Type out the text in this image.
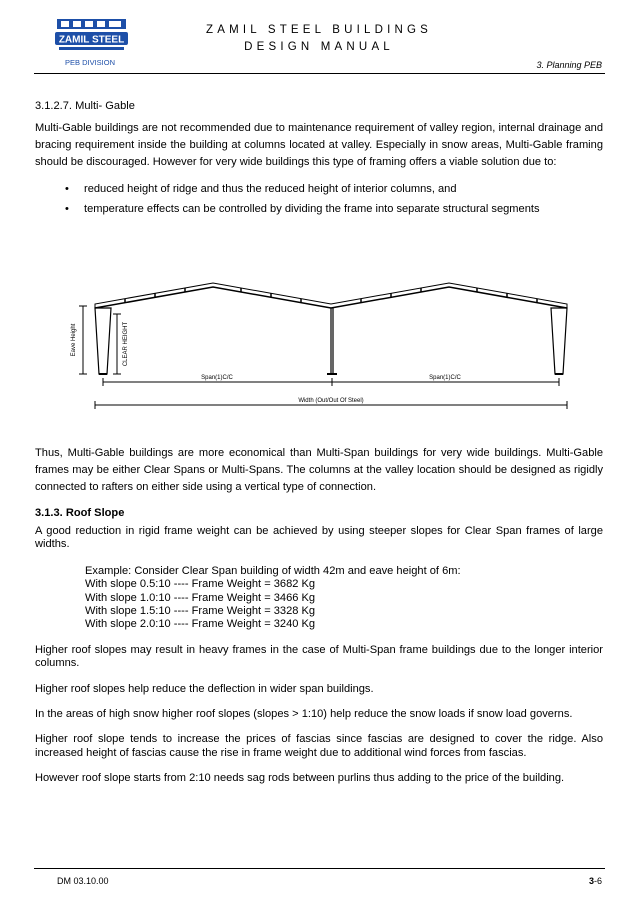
ZAMIL STEEL
PEB DIVISION
ZAMIL STEEL BUILDINGS
DESIGN MANUAL
3. Planning PEB
3.1.2.7. Multi- Gable

Multi-Gable buildings are not recommended due to maintenance requirement of valley region, internal drainage and bracing requirement inside the building at columns located at valley. Especially in snow areas, Multi-Gable framing should be discouraged. However for very wide buildings this type of framing offers a viable solution due to:

• reduced height of ridge and thus the reduced height of interior columns, and
• temperature effects can be controlled by dividing the frame into separate structural segments
Eave Height	CLEAR HEIGHT
Span(1)C/C	Span(1)C/C
Width (Out/Out Of Steel)

Thus, Multi-Gable buildings are more economical than Multi-Span buildings for very wide buildings. Multi-Gable frames may be either Clear Spans or Multi-Spans. The columns at the valley location should be designed as rigidly connected to rafters on either side using a vertical type of connection.

3.1.3. Roof Slope

A good reduction in rigid frame weight can be achieved by using steeper slopes for Clear Span frames of large widths.

Example: Consider Clear Span building of width 42m and eave height of 6m:
With slope 0.5:10 ---- Frame Weight = 3682 Kg
With slope 1.0:10 ---- Frame Weight = 3466 Kg
With slope 1.5:10 ---- Frame Weight = 3328 Kg
With slope 2.0:10 ---- Frame Weight = 3240 Kg

Higher roof slopes may result in heavy frames in the case of Multi-Span frame buildings due to the longer interior columns.

Higher roof slopes help reduce the deflection in wider span buildings.

In the areas of high snow higher roof slopes (slopes > 1:10) help reduce the snow loads if snow load governs.

Higher roof slope tends to increase the prices of fascias since fascias are designed to cover the ridge. Also increased height of fascias cause the rise in frame weight due to additional wind forces from fascias.

However roof slope starts from 2:10 needs sag rods between purlins thus adding to the price of the building.

DM 03.10.00	3-6
